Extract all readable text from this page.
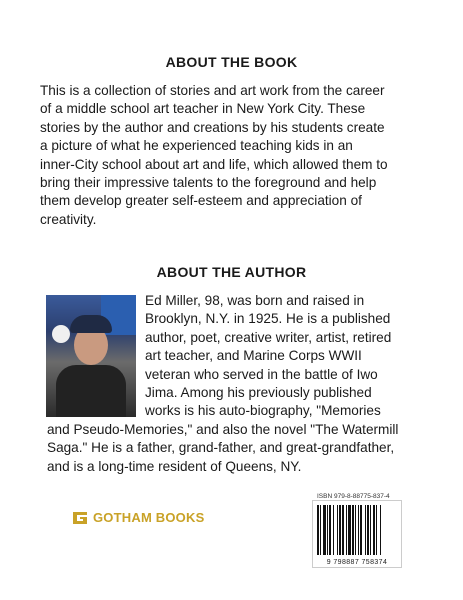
ABOUT THE BOOK
This is a collection of stories and art work from the career
of a middle school art teacher in New York City. These
stories by the author and creations by his students create
a picture of what he experienced teaching kids in an
inner-City school about art and life, which allowed them to
bring their impressive talents to the foreground and help
them develop greater self-esteem and appreciation of
creativity.
ABOUT THE AUTHOR
Ed Miller, 98, was born and raised in
Brooklyn, N.Y. in 1925. He is a published
author, poet, creative writer, artist, retired
art teacher, and Marine Corps WWII
veteran who served in the battle of Iwo
Jima. Among his previously published
works is his auto-biography, "Memories
and Pseudo-Memories," and also the novel "The Watermill
Saga." He is a father, grand-father, and great-grandfather,
and is a long-time resident of Queens, NY.
GOTHAM BOOKS
ISBN 979-8-88775-837-4
9 798887 758374
